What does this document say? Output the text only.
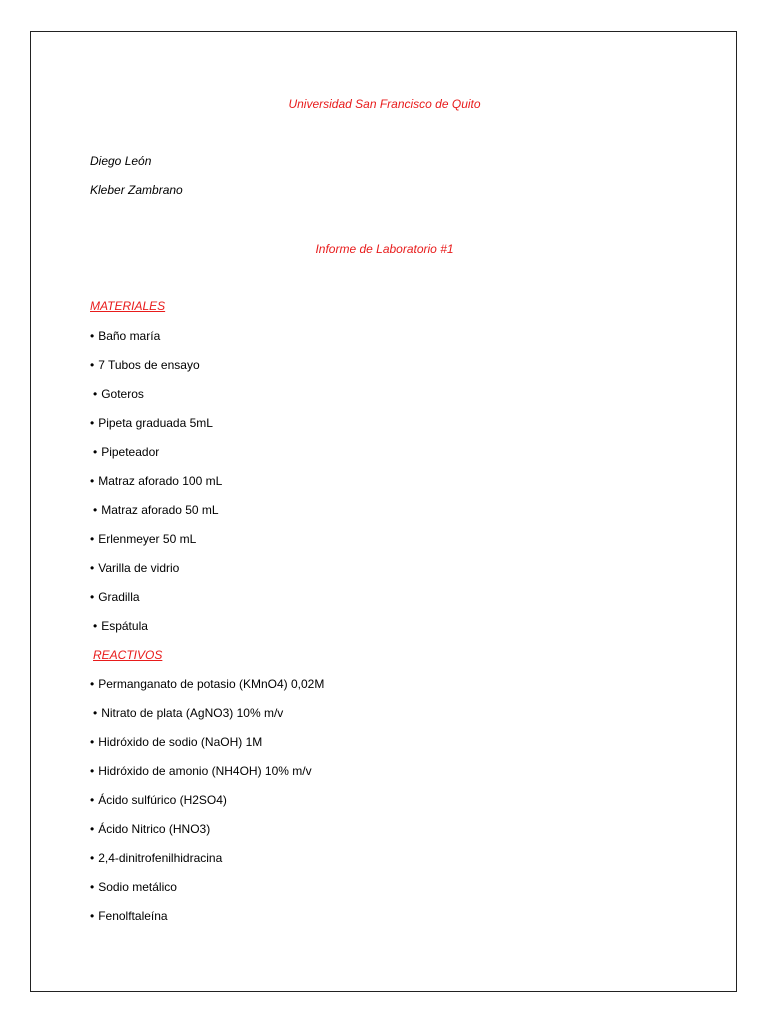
Universidad San Francisco de Quito
Diego León
Kleber Zambrano
Informe de Laboratorio #1
MATERIALES
• Baño maría
• 7 Tubos de ensayo
• Goteros
• Pipeta graduada 5mL
• Pipeteador
• Matraz aforado 100 mL
• Matraz aforado 50 mL
• Erlenmeyer 50 mL
• Varilla de vidrio
• Gradilla
• Espátula
REACTIVOS
• Permanganato de potasio (KMnO4) 0,02M
• Nitrato de plata (AgNO3) 10% m/v
• Hidróxido de sodio (NaOH) 1M
• Hidróxido de amonio (NH4OH) 10% m/v
• Ácido sulfúrico (H2SO4)
• Ácido Nitrico (HNO3)
• 2,4-dinitrofenilhidracina
• Sodio metálico
• Fenolftaleína
